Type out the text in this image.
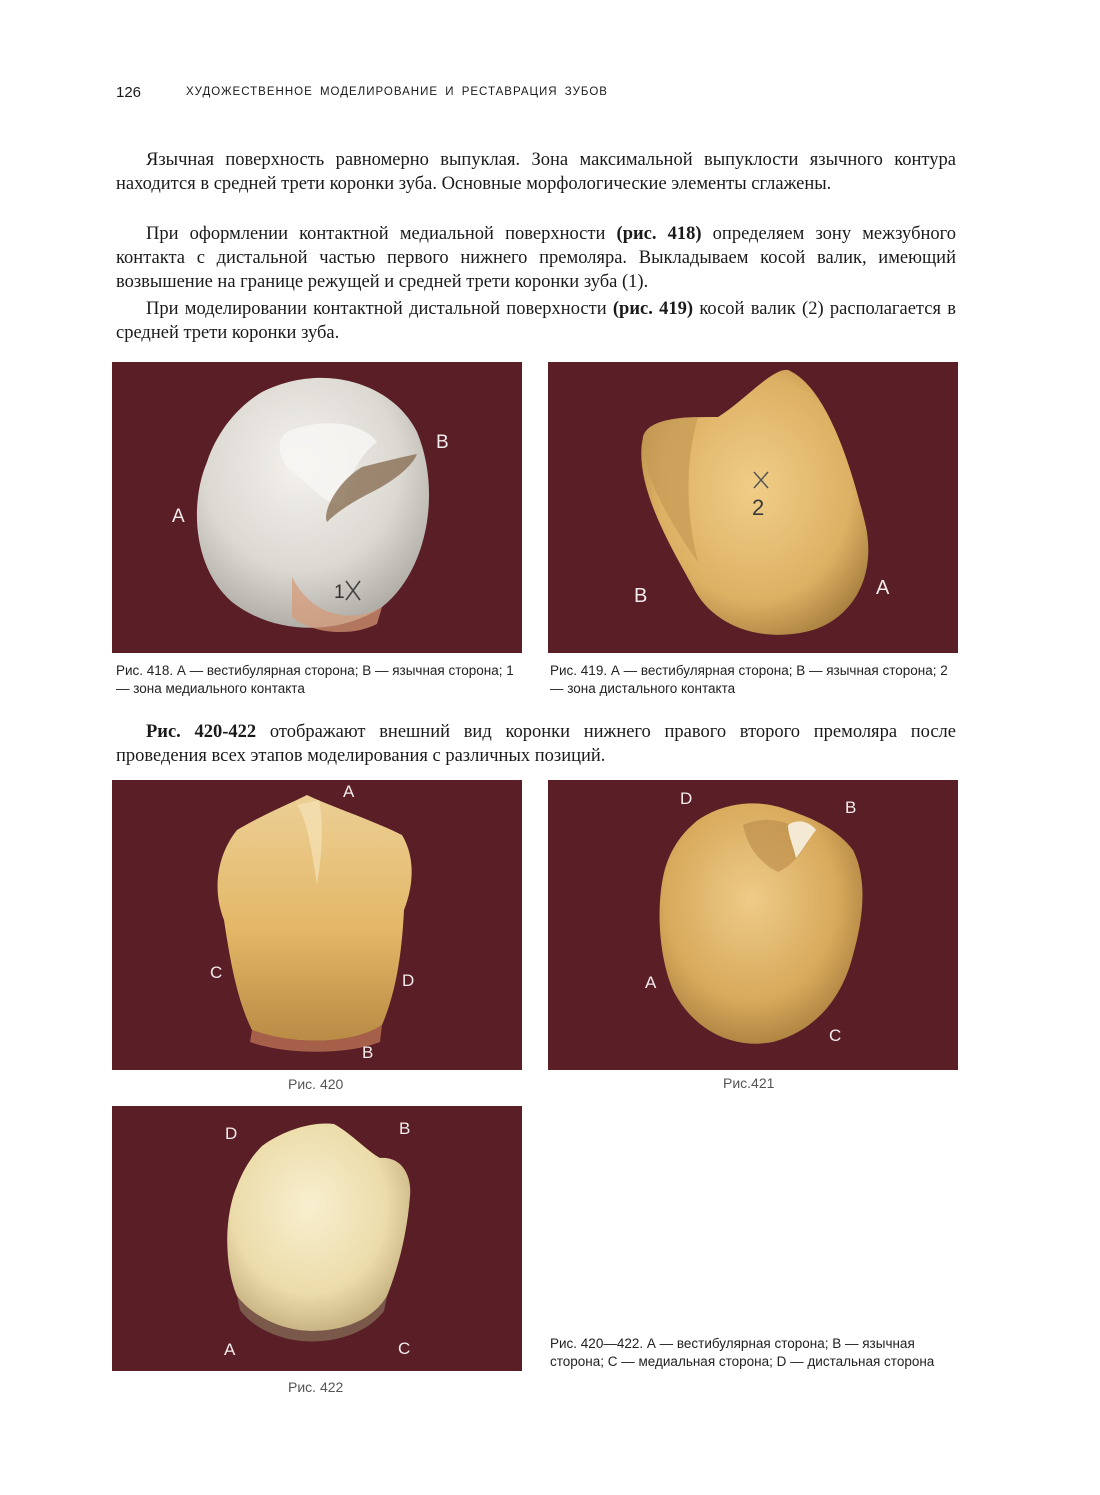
126	ХУДОЖЕСТВЕННОЕ МОДЕЛИРОВАНИЕ И РЕСТАВРАЦИЯ ЗУБОВ

Язычная поверхность равномерно выпуклая. Зона максимальной выпуклости язычного контура находится в средней трети коронки зуба. Основные морфологические элементы сглажены.

При оформлении контактной медиальной поверхности (рис. 418) определяем зону межзубного контакта с дистальной частью первого нижнего премоляра. Выкладываем косой валик, имеющий возвышение на границе режущей и средней трети коронки зуба (1).

При моделировании контактной дистальной поверхности (рис. 419) косой валик (2) располагается в средней трети коронки зуба.

A
B
1	B	A
2

Рис. 418. А — вестибулярная сторона; В — язычная сторона; 1 — зона медиального контакта

Рис. 419. А — вестибулярная сторона; В — язычная сторона; 2 — зона дистального контакта

Рис. 420-422 отображают внешний вид коронки нижнего правого второго премоляра после проведения всех этапов моделирования с различных позиций.

A
C	D
B
D	B
A
C
Рис. 420	Рис.421
D	B
A	C	Рис. 420—422. А — вестибулярная сторона; В — язычная сторона; С — медиальная сторона; D — дистальная сторона

Рис. 422
